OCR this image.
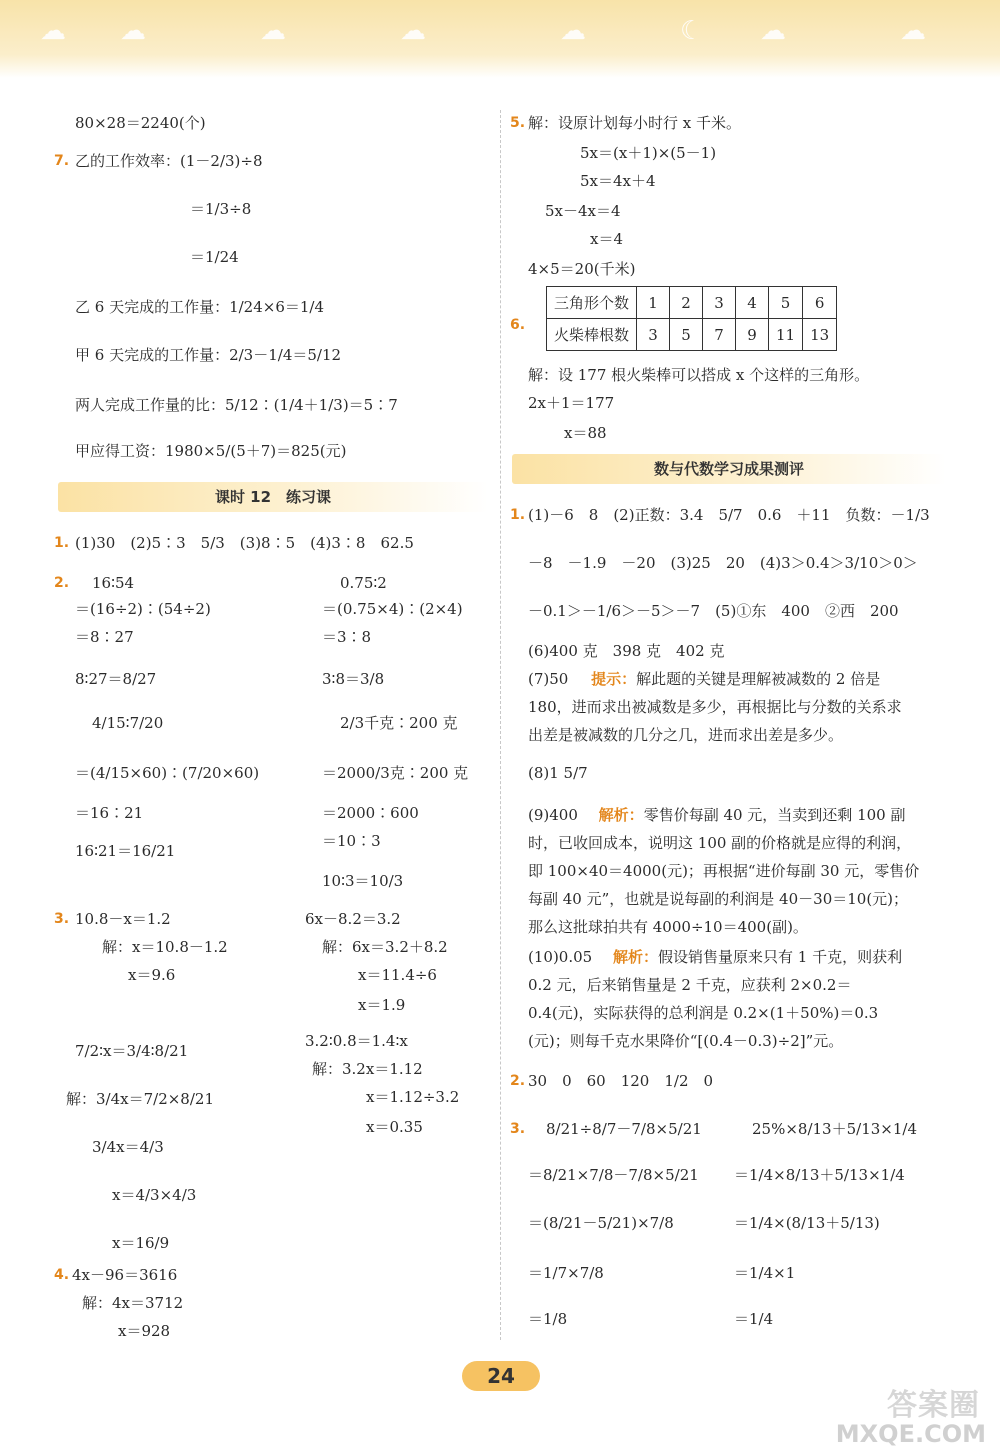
☁ ☁	☁	☁	☁	☾ ☁	☁
80×28＝2240(个)
7. 乙的工作效率：(1－2/3)÷8
＝1/3÷8
＝1/24
乙 6 天完成的工作量：1/24×6＝1/4
甲 6 天完成的工作量：2/3－1/4＝5/12
两人完成工作量的比：5/12∶(1/4＋1/3)＝5∶7
甲应得工资：1980×5/(5＋7)＝825(元)
课时 12　练习课
1. (1)30　(2)5∶3　5/3　(3)8∶5　(4)3∶8　62.5
2. 16∶54
＝(16÷2)∶(54÷2)
＝8∶27
8∶27＝8/27
4/15∶7/20
＝(4/15×60)∶(7/20×60)
＝16∶21
16∶21＝16/21
0.75∶2
＝(0.75×4)∶(2×4)
＝3∶8
3∶8＝3/8
2/3千克∶200 克
＝2000/3克∶200 克
＝2000∶600
＝10∶3
10∶3＝10/3
3. 10.8－x＝1.2
解：x＝10.8－1.2
x＝9.6
6x－8.2＝3.2
解：6x＝3.2＋8.2
x＝11.4÷6
x＝1.9
7/2∶x＝3/4∶8/21
解：3/4x＝7/2×8/21
3/4x＝4/3
x＝4/3×4/3
x＝16/9
3.2∶0.8＝1.4∶x
解：3.2x＝1.12
x＝1.12÷3.2
x＝0.35
4. 4x－96＝3616
解：4x＝3712
x＝928
5. 解：设原计划每小时行 x 千米。
5x＝(x＋1)×(5－1)
5x＝4x＋4
5x－4x＝4
x＝4
4×5＝20(千米)
6.
三角形个数	1	2	3	4	5	6
火柴棒根数	3	5	7	9	11	13
解：设 177 根火柴棒可以搭成 x 个这样的三角形。
2x＋1＝177
x＝88
数与代数学习成果测评
1. (1)－6　8　(2)正数：3.4　5/7　0.6　＋11　负数：－1/3
－8　－1.9　－20　(3)25　20　(4)3＞0.4＞3/10＞0＞
－0.1＞－1/6＞－5＞－7　(5)①东　400　②西　200
(6)400 克　398 克　402 克
(7)50 提示：解此题的关键是理解被减数的 2 倍是
180，进而求出被减数是多少，再根据比与分数的关系求
出差是被减数的几分之几，进而求出差是多少。
(8)1 5/7
(9)400 解析：零售价每副 40 元，当卖到还剩 100 副
时，已收回成本，说明这 100 副的价格就是应得的利润，
即 100×40＝4000(元)；再根据“进价每副 30 元，零售价
每副 40 元”，也就是说每副的利润是 40－30＝10(元)；
那么这批球拍共有 4000÷10＝400(副)。
(10)0.05 解析：假设销售量原来只有 1 千克，则获利
0.2 元，后来销售量是 2 千克，应获利 2×0.2＝
0.4(元)，实际获得的总利润是 0.2×(1＋50%)＝0.3
(元)；则每千克水果降价“[(0.4－0.3)÷2]”元。
2. 30　0　60　120　1/2　0
3. 8/21÷8/7－7/8×5/21
＝8/21×7/8－7/8×5/21
＝(8/21－5/21)×7/8
＝1/7×7/8
＝1/8
25%×8/13＋5/13×1/4
＝1/4×8/13＋5/13×1/4
＝1/4×(8/13＋5/13)
＝1/4×1
＝1/4
24
答案圈
MXQE.COM
